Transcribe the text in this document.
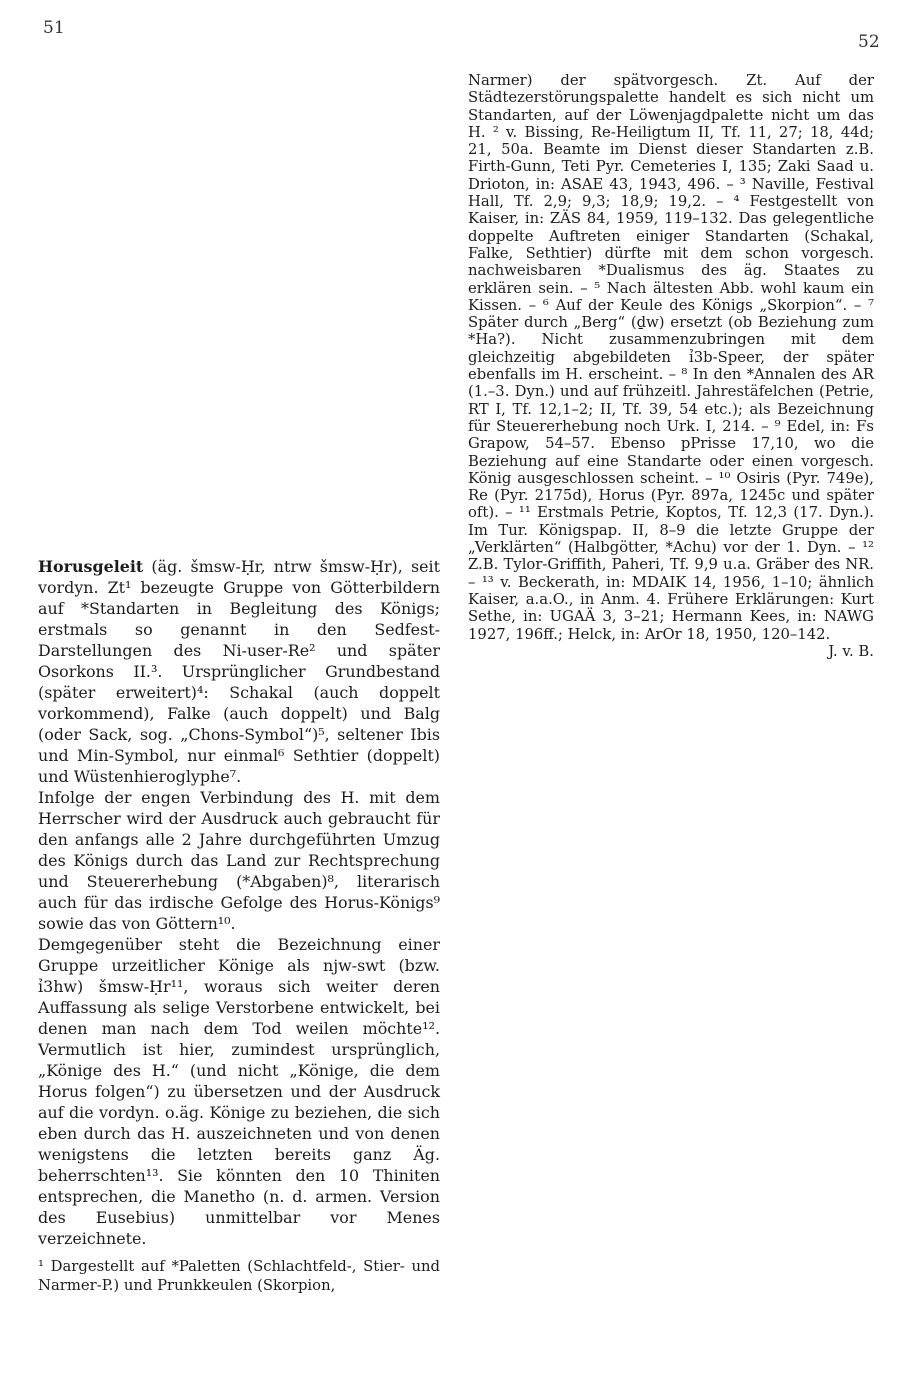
51
52

Narmer) der spätvorgesch. Zt. Auf der Städtezerstörungspalette handelt es sich nicht um Standarten, auf der Löwenjagdpalette nicht um das H. ² v. Bissing, Re-Heiligtum II, Tf. 11, 27; 18, 44d; 21, 50a. Beamte im Dienst dieser Standarten z.B. Firth-Gunn, Teti Pyr. Cemeteries I, 135; Zaki Saad u. Drioton, in: ASAE 43, 1943, 496. – ³ Naville, Festival Hall, Tf. 2,9; 9,3; 18,9; 19,2. – ⁴ Festgestellt von Kaiser, in: ZÄS 84, 1959, 119–132. Das gelegentliche doppelte Auftreten einiger Standarten (Schakal, Falke, Sethtier) dürfte mit dem schon vorgesch. nachweisbaren *Dualismus des äg. Staates zu erklären sein. – ⁵ Nach ältesten Abb. wohl kaum ein Kissen. – ⁶ Auf der Keule des Königs „Skorpion“. – ⁷ Später durch „Berg“ (ḏw) ersetzt (ob Beziehung zum *Ha?). Nicht zusammenzubringen mit dem gleichzeitig abgebildeten ỉ3b-Speer, der später ebenfalls im H. erscheint. – ⁸ In den *Annalen des AR (1.–3. Dyn.) und auf frühzeitl. Jahrestäfelchen (Petrie, RT I, Tf. 12,1–2; II, Tf. 39, 54 etc.); als Bezeichnung für Steuererhebung noch Urk. I, 214. – ⁹ Edel, in: Fs Grapow, 54–57. Ebenso pPrisse 17,10, wo die Beziehung auf eine Standarte oder einen vorgesch. König ausgeschlossen scheint. – ¹⁰ Osiris (Pyr. 749e), Re (Pyr. 2175d), Horus (Pyr. 897a, 1245c und später oft). – ¹¹ Erstmals Petrie, Koptos, Tf. 12,3 (17. Dyn.). Im Tur. Königspap. II, 8–9 die letzte Gruppe der „Verklärten“ (Halbgötter, *Achu) vor der 1. Dyn. – ¹² Z.B. Tylor-Griffith, Paheri, Tf. 9,9 u.a. Gräber des NR. – ¹³ v. Beckerath, in: MDAIK 14, 1956, 1–10; ähnlich Kaiser, a.a.O., in Anm. 4. Frühere Erklärungen: Kurt Sethe, in: UGAÄ 3, 3–21; Hermann Kees, in: NAWG 1927, 196ff.; Helck, in: ArOr 18, 1950, 120–142.
J. v. B.

Horusgeleit (äg. šmsw-Ḥr, ntrw šmsw-Ḥr), seit vordyn. Zt¹ bezeugte Gruppe von Götterbildern auf *Standarten in Begleitung des Königs; erstmals so genannt in den Sedfest-Darstellungen des Ni-user-Re² und später Osorkons II.³. Ursprünglicher Grundbestand (später erweitert)⁴: Schakal (auch doppelt vorkommend), Falke (auch doppelt) und Balg (oder Sack, sog. „Chons-Symbol“)⁵, seltener Ibis und Min-Symbol, nur einmal⁶ Sethtier (doppelt) und Wüstenhieroglyphe⁷.

Infolge der engen Verbindung des H. mit dem Herrscher wird der Ausdruck auch gebraucht für den anfangs alle 2 Jahre durchgeführten Umzug des Königs durch das Land zur Rechtsprechung und Steuererhebung (*Abgaben)⁸, literarisch auch für das irdische Gefolge des Horus-Königs⁹ sowie das von Göttern¹⁰.

Demgegenüber steht die Bezeichnung einer Gruppe urzeitlicher Könige als njw-swt (bzw. ỉ3hw) šmsw-Ḥr¹¹, woraus sich weiter deren Auffassung als selige Verstorbene entwickelt, bei denen man nach dem Tod weilen möchte¹². Vermutlich ist hier, zumindest ursprünglich, „Könige des H.“ (und nicht „Könige, die dem Horus folgen“) zu übersetzen und der Ausdruck auf die vordyn. o.äg. Könige zu beziehen, die sich eben durch das H. auszeichneten und von denen wenigstens die letzten bereits ganz Äg. beherrschten¹³. Sie könnten den 10 Thiniten entsprechen, die Manetho (n. d. armen. Version des Eusebius) unmittelbar vor Menes verzeichnete.

¹ Dargestellt auf *Paletten (Schlachtfeld-, Stier- und Narmer-P.) und Prunkkeulen (Skorpion,
